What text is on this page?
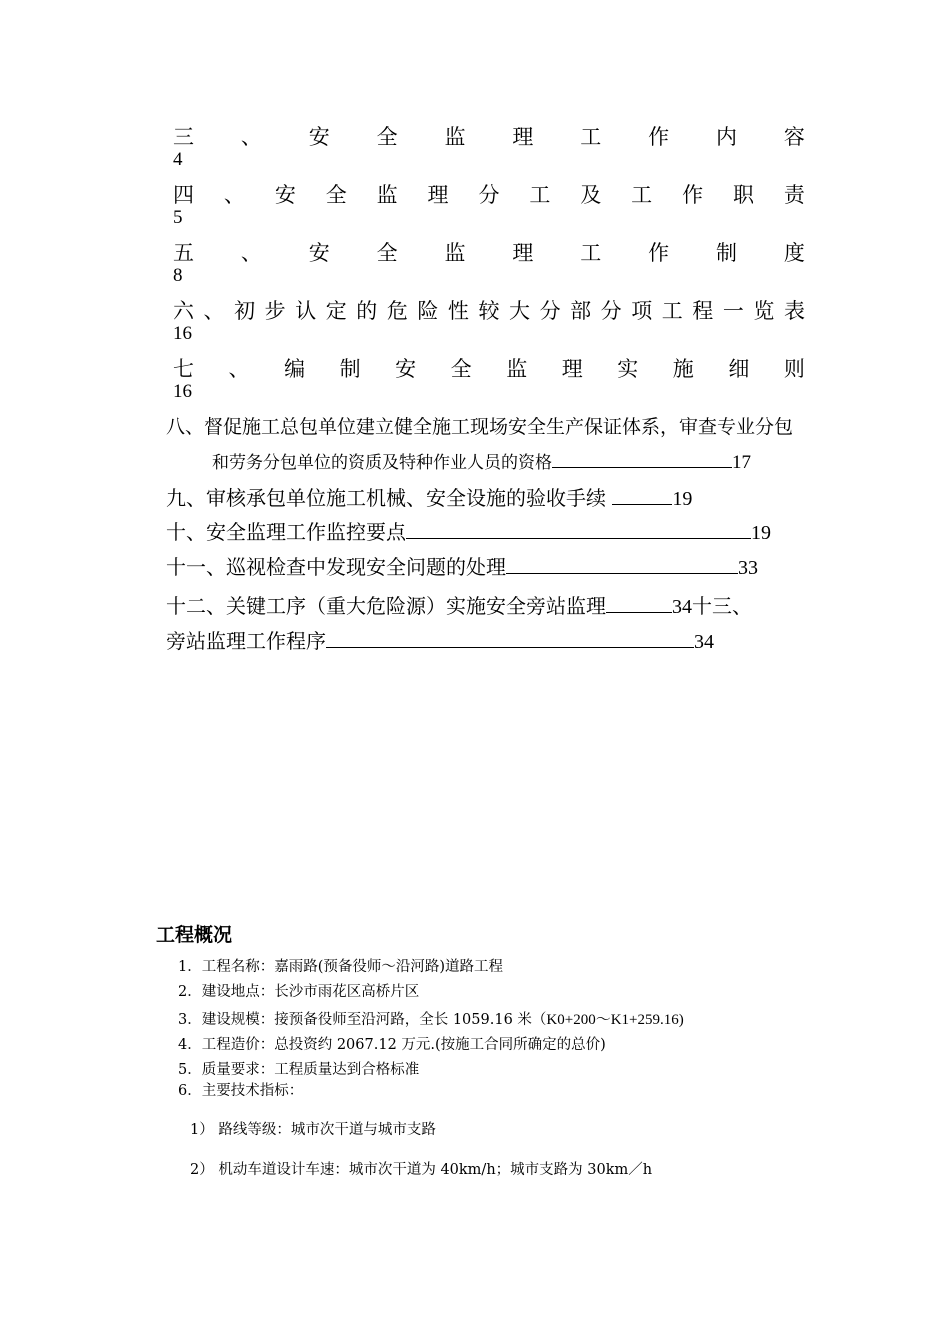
三 、 安 全 监 理 工 作 内 容
4
四 、 安 全 监 理 分 工 及 工 作 职 责
5
五 、 安 全 监 理 工 作 制 度
8
六 、 初 步 认 定 的 危 险 性 较 大 分 部 分 项 工 程 一 览 表
16
七 、 编 制 安 全 监 理 实 施 细 则
16
八、督促施工总包单位建立健全施工现场安全生产保证体系，审查专业分包
和劳务分包单位的资质及特种作业人员的资格	17
九、审核承包单位施工机械、安全设施的验收手续	19
十、安全监理工作监控要点	19
十一、巡视检查中发现安全问题的处理	33
十二、关键工序（重大危险源）实施安全旁站监理	34十三、
旁站监理工作程序	34
工程概况
1．工程名称：嘉雨路(预备役师～沿河路)道路工程
2．建设地点：长沙市雨花区高桥片区
3．建设规模：接预备役师至沿河路，全长 1059.16 米（K0+200～K1+259.16)
4．工程造价：总投资约 2067.12 万元.(按施工合同所确定的总价)
5．质量要求：工程质量达到合格标准
6．主要技术指标：
1） 路线等级：城市次干道与城市支路
2） 机动车道设计车速：城市次干道为 40km/h；城市支路为 30km／h
